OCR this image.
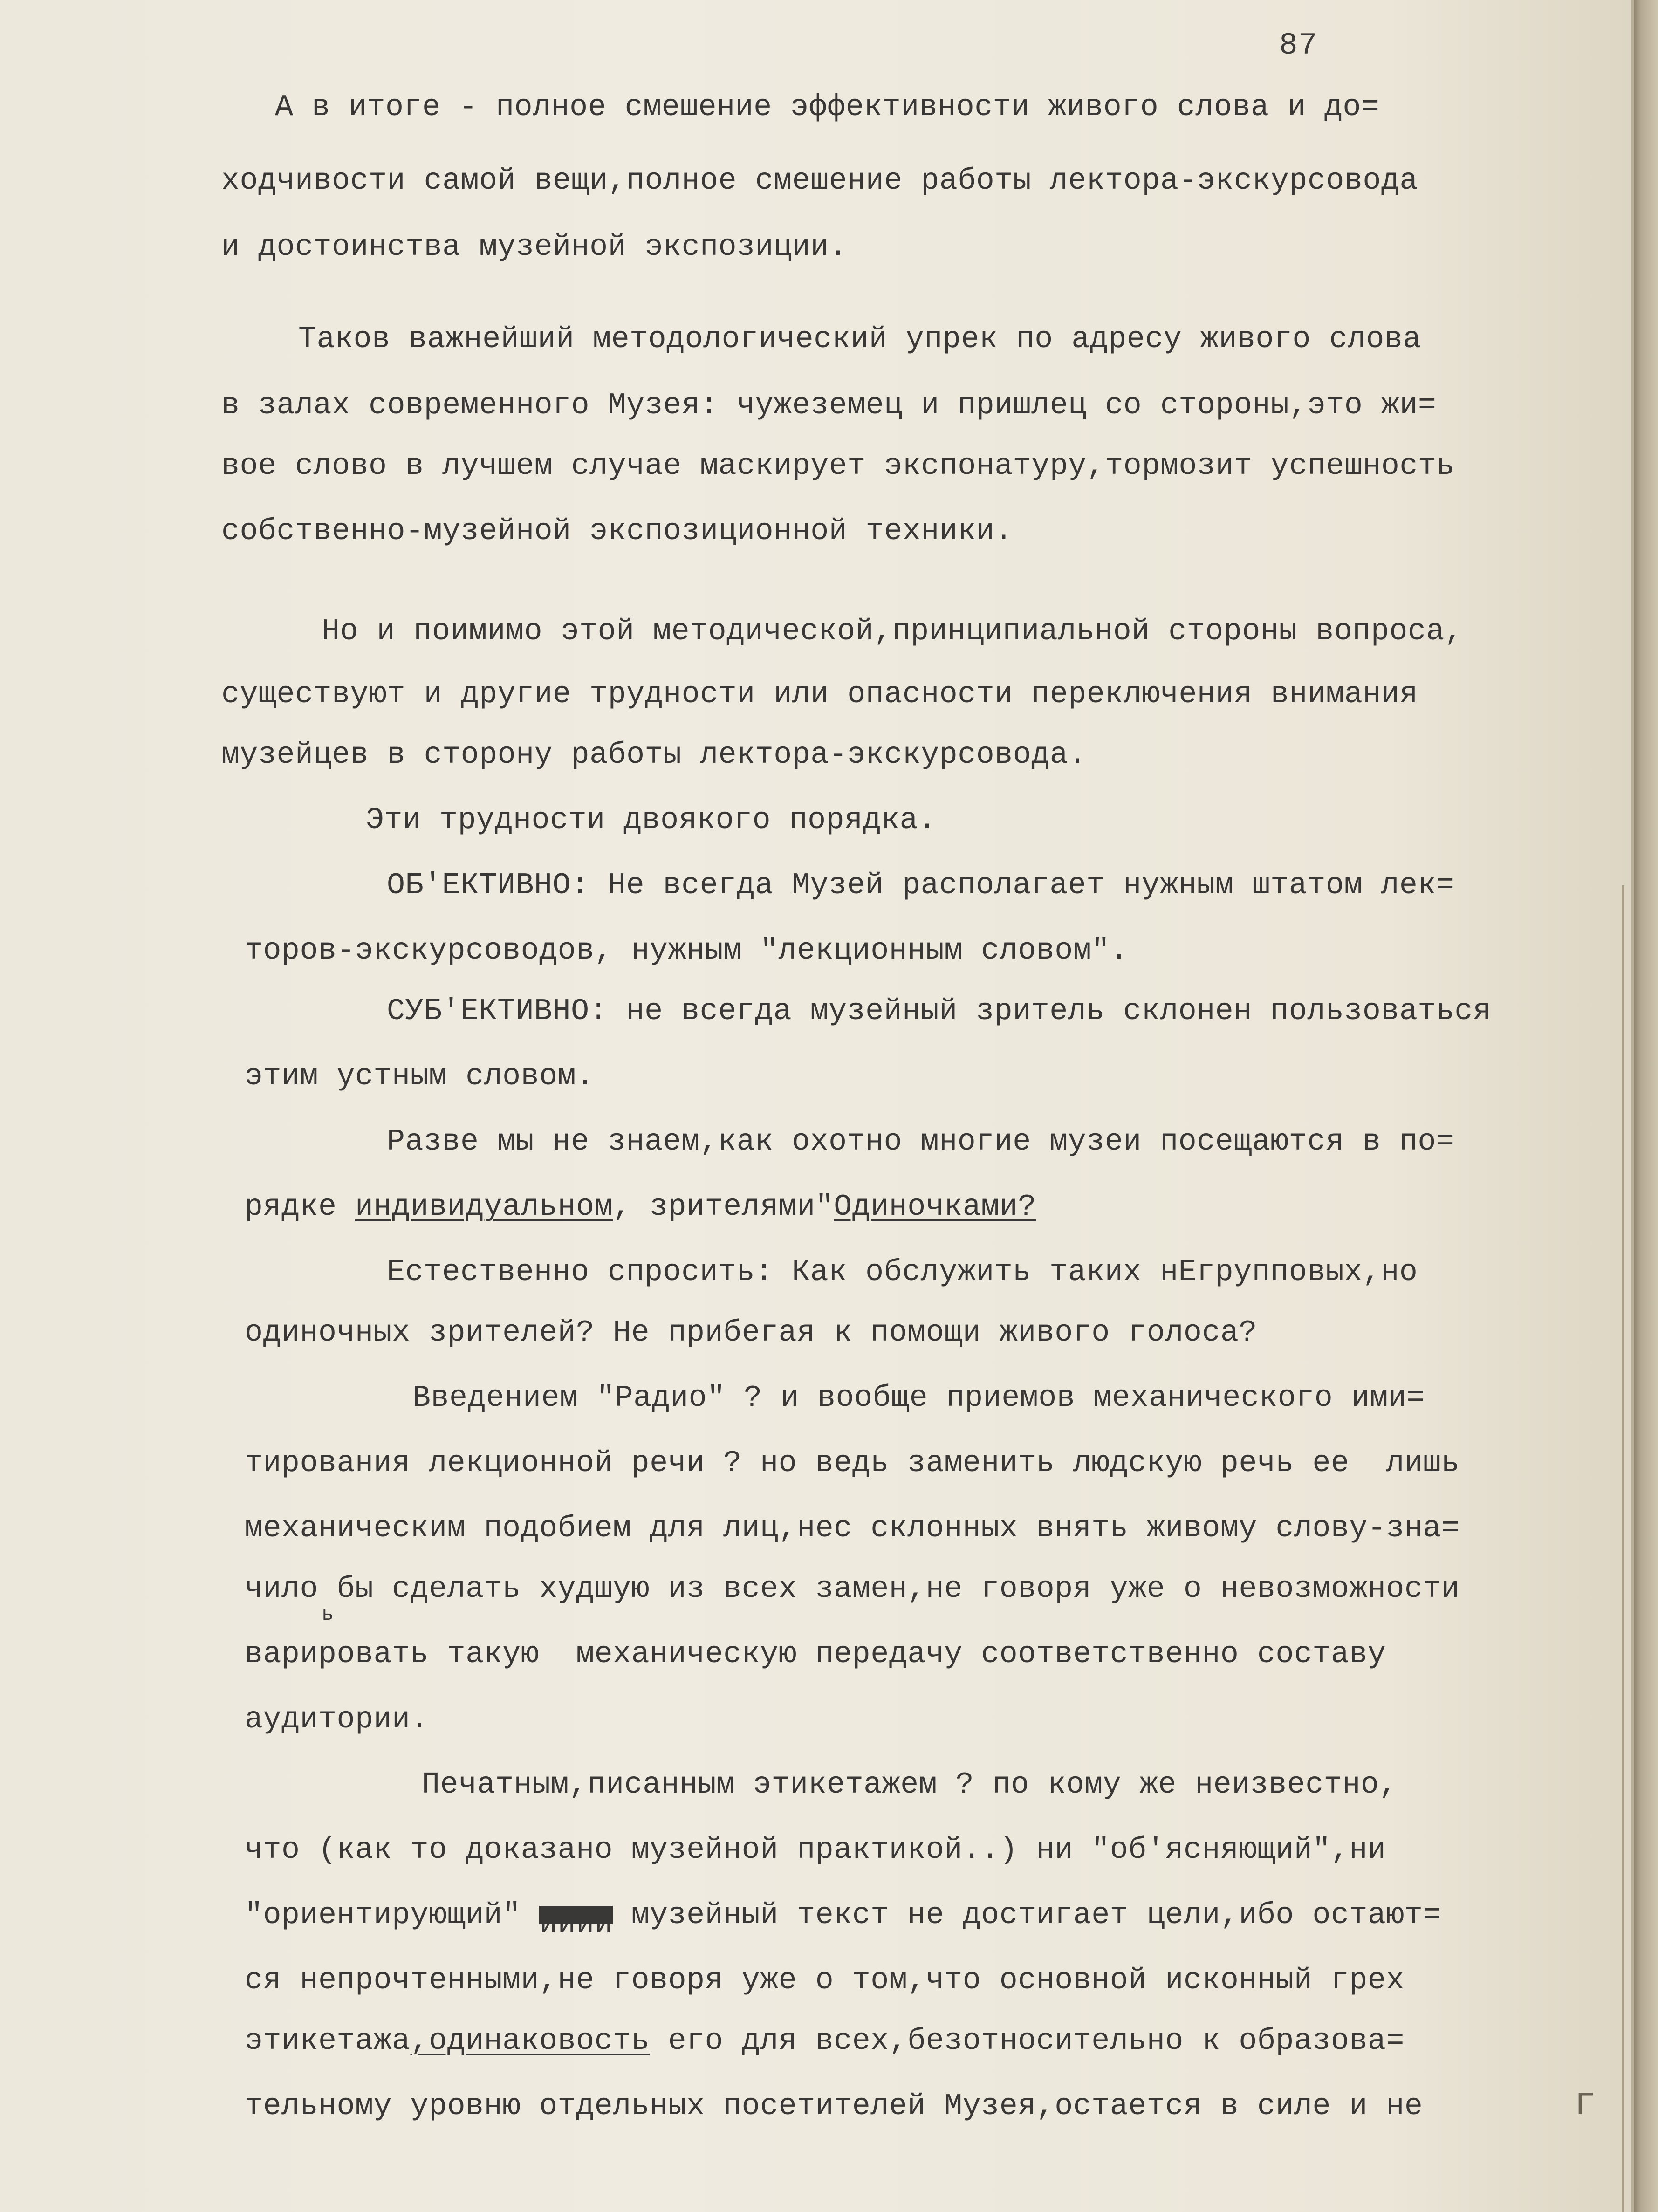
87
А в итоге - полное смешение эффективности живого слова и до=
ходчивости самой вещи,полное смешение работы лектора-экскурсовода
и достоинства музейной экспозиции.
Таков важнейший методологический упрек по адресу живого слова
в залах современного Музея: чужеземец и пришлец со стороны,это жи=
вое слово в лучшем случае маскирует экспонатуру,тормозит успешность
собственно-музейной экспозиционной техники.
Но и поимимо этой методической,принципиальной стороны вопроса,
существуют и другие трудности или опасности переключения внимания
музейцев в сторону работы лектора-экскурсовода.
Эти трудности двоякого порядка.
ОБ'ЕКТИВНО: Не всегда Музей располагает нужным штатом лек=
торов-экскурсоводов, нужным "лекционным словом".
СУБ'ЕКТИВНО: не всегда музейный зритель склонен пользоваться
этим устным словом.
Разве мы не знаем,как охотно многие музеи посещаются в по=
рядке индивидуальном, зрителями"Одиночками?
Естественно спросить: Как обслужить таких нЕгрупповых,но
одиночных зрителей? Не прибегая к помощи живого голоса?
Введением "Радио" ? и вообще приемов механического ими=
тирования лекционной речи ? но ведь заменить людскую речь ее  лишь
механическим подобием для лиц,нес склонных внять живому слову-зна=
чило бы сделать худшую из всех замен,не говоря уже о невозможности
ь
варировать такую  механическую передачу соответственно составу
аудитории.
Печатным,писанным этикетажем ? по кому же неизвестно,
что (как то доказано музейной практикой..) ни "об'ясняющий",ни
"ориентирующий" ииии музейный текст не достигает цели,ибо остают=
ся непрочтенными,не говоря уже о том,что основной исконный грех
этикетажа,одинаковость его для всех,безотносительно к образова=
тельному уровню отдельных посетителей Музея,остается в силе и не	Г
